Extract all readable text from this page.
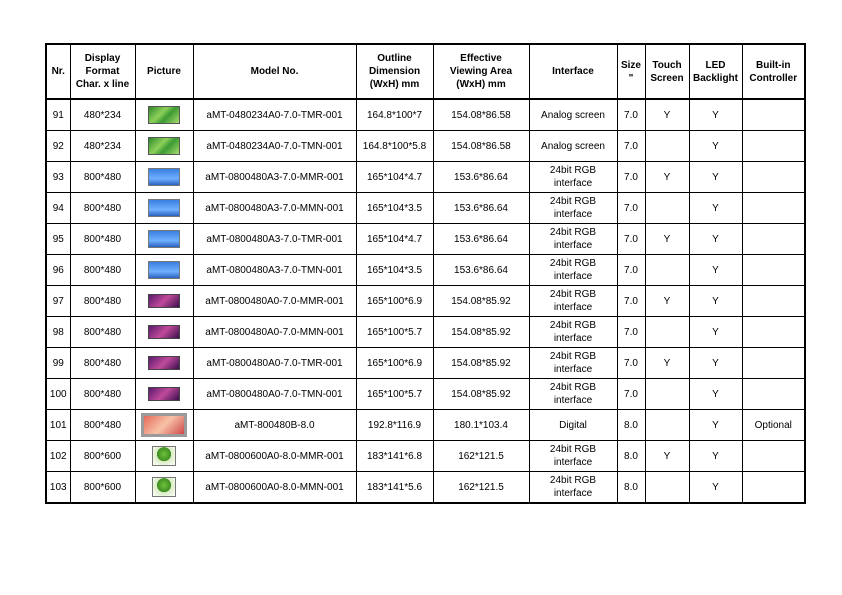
Nr.	Display
Format
Char. x line	Picture	Model No.	Outline
Dimension
(WxH) mm	Effective
Viewing Area
(WxH) mm	Interface	Size
"	Touch
Screen	LED
Backlight	Built-in
Controller
91	480*234		aMT-0480234A0-7.0-TMR-001	164.8*100*7	154.08*86.58	Analog screen	7.0	Y	Y	
92	480*234		aMT-0480234A0-7.0-TMN-001	164.8*100*5.8	154.08*86.58	Analog screen	7.0		Y	
93	800*480		aMT-0800480A3-7.0-MMR-001	165*104*4.7	153.6*86.64	24bit RGB
interface	7.0	Y	Y	
94	800*480		aMT-0800480A3-7.0-MMN-001	165*104*3.5	153.6*86.64	24bit RGB
interface	7.0		Y	
95	800*480		aMT-0800480A3-7.0-TMR-001	165*104*4.7	153.6*86.64	24bit RGB
interface	7.0	Y	Y	
96	800*480		aMT-0800480A3-7.0-TMN-001	165*104*3.5	153.6*86.64	24bit RGB
interface	7.0		Y	
97	800*480		aMT-0800480A0-7.0-MMR-001	165*100*6.9	154.08*85.92	24bit RGB
interface	7.0	Y	Y	
98	800*480		aMT-0800480A0-7.0-MMN-001	165*100*5.7	154.08*85.92	24bit RGB
interface	7.0		Y	
99	800*480		aMT-0800480A0-7.0-TMR-001	165*100*6.9	154.08*85.92	24bit RGB
interface	7.0	Y	Y	
100	800*480		aMT-0800480A0-7.0-TMN-001	165*100*5.7	154.08*85.92	24bit RGB
interface	7.0		Y	
101	800*480		aMT-800480B-8.0	192.8*116.9	180.1*103.4	Digital	8.0		Y	Optional
102	800*600		aMT-0800600A0-8.0-MMR-001	183*141*6.8	162*121.5	24bit RGB
interface	8.0	Y	Y	
103	800*600		aMT-0800600A0-8.0-MMN-001	183*141*5.6	162*121.5	24bit RGB
interface	8.0		Y	
